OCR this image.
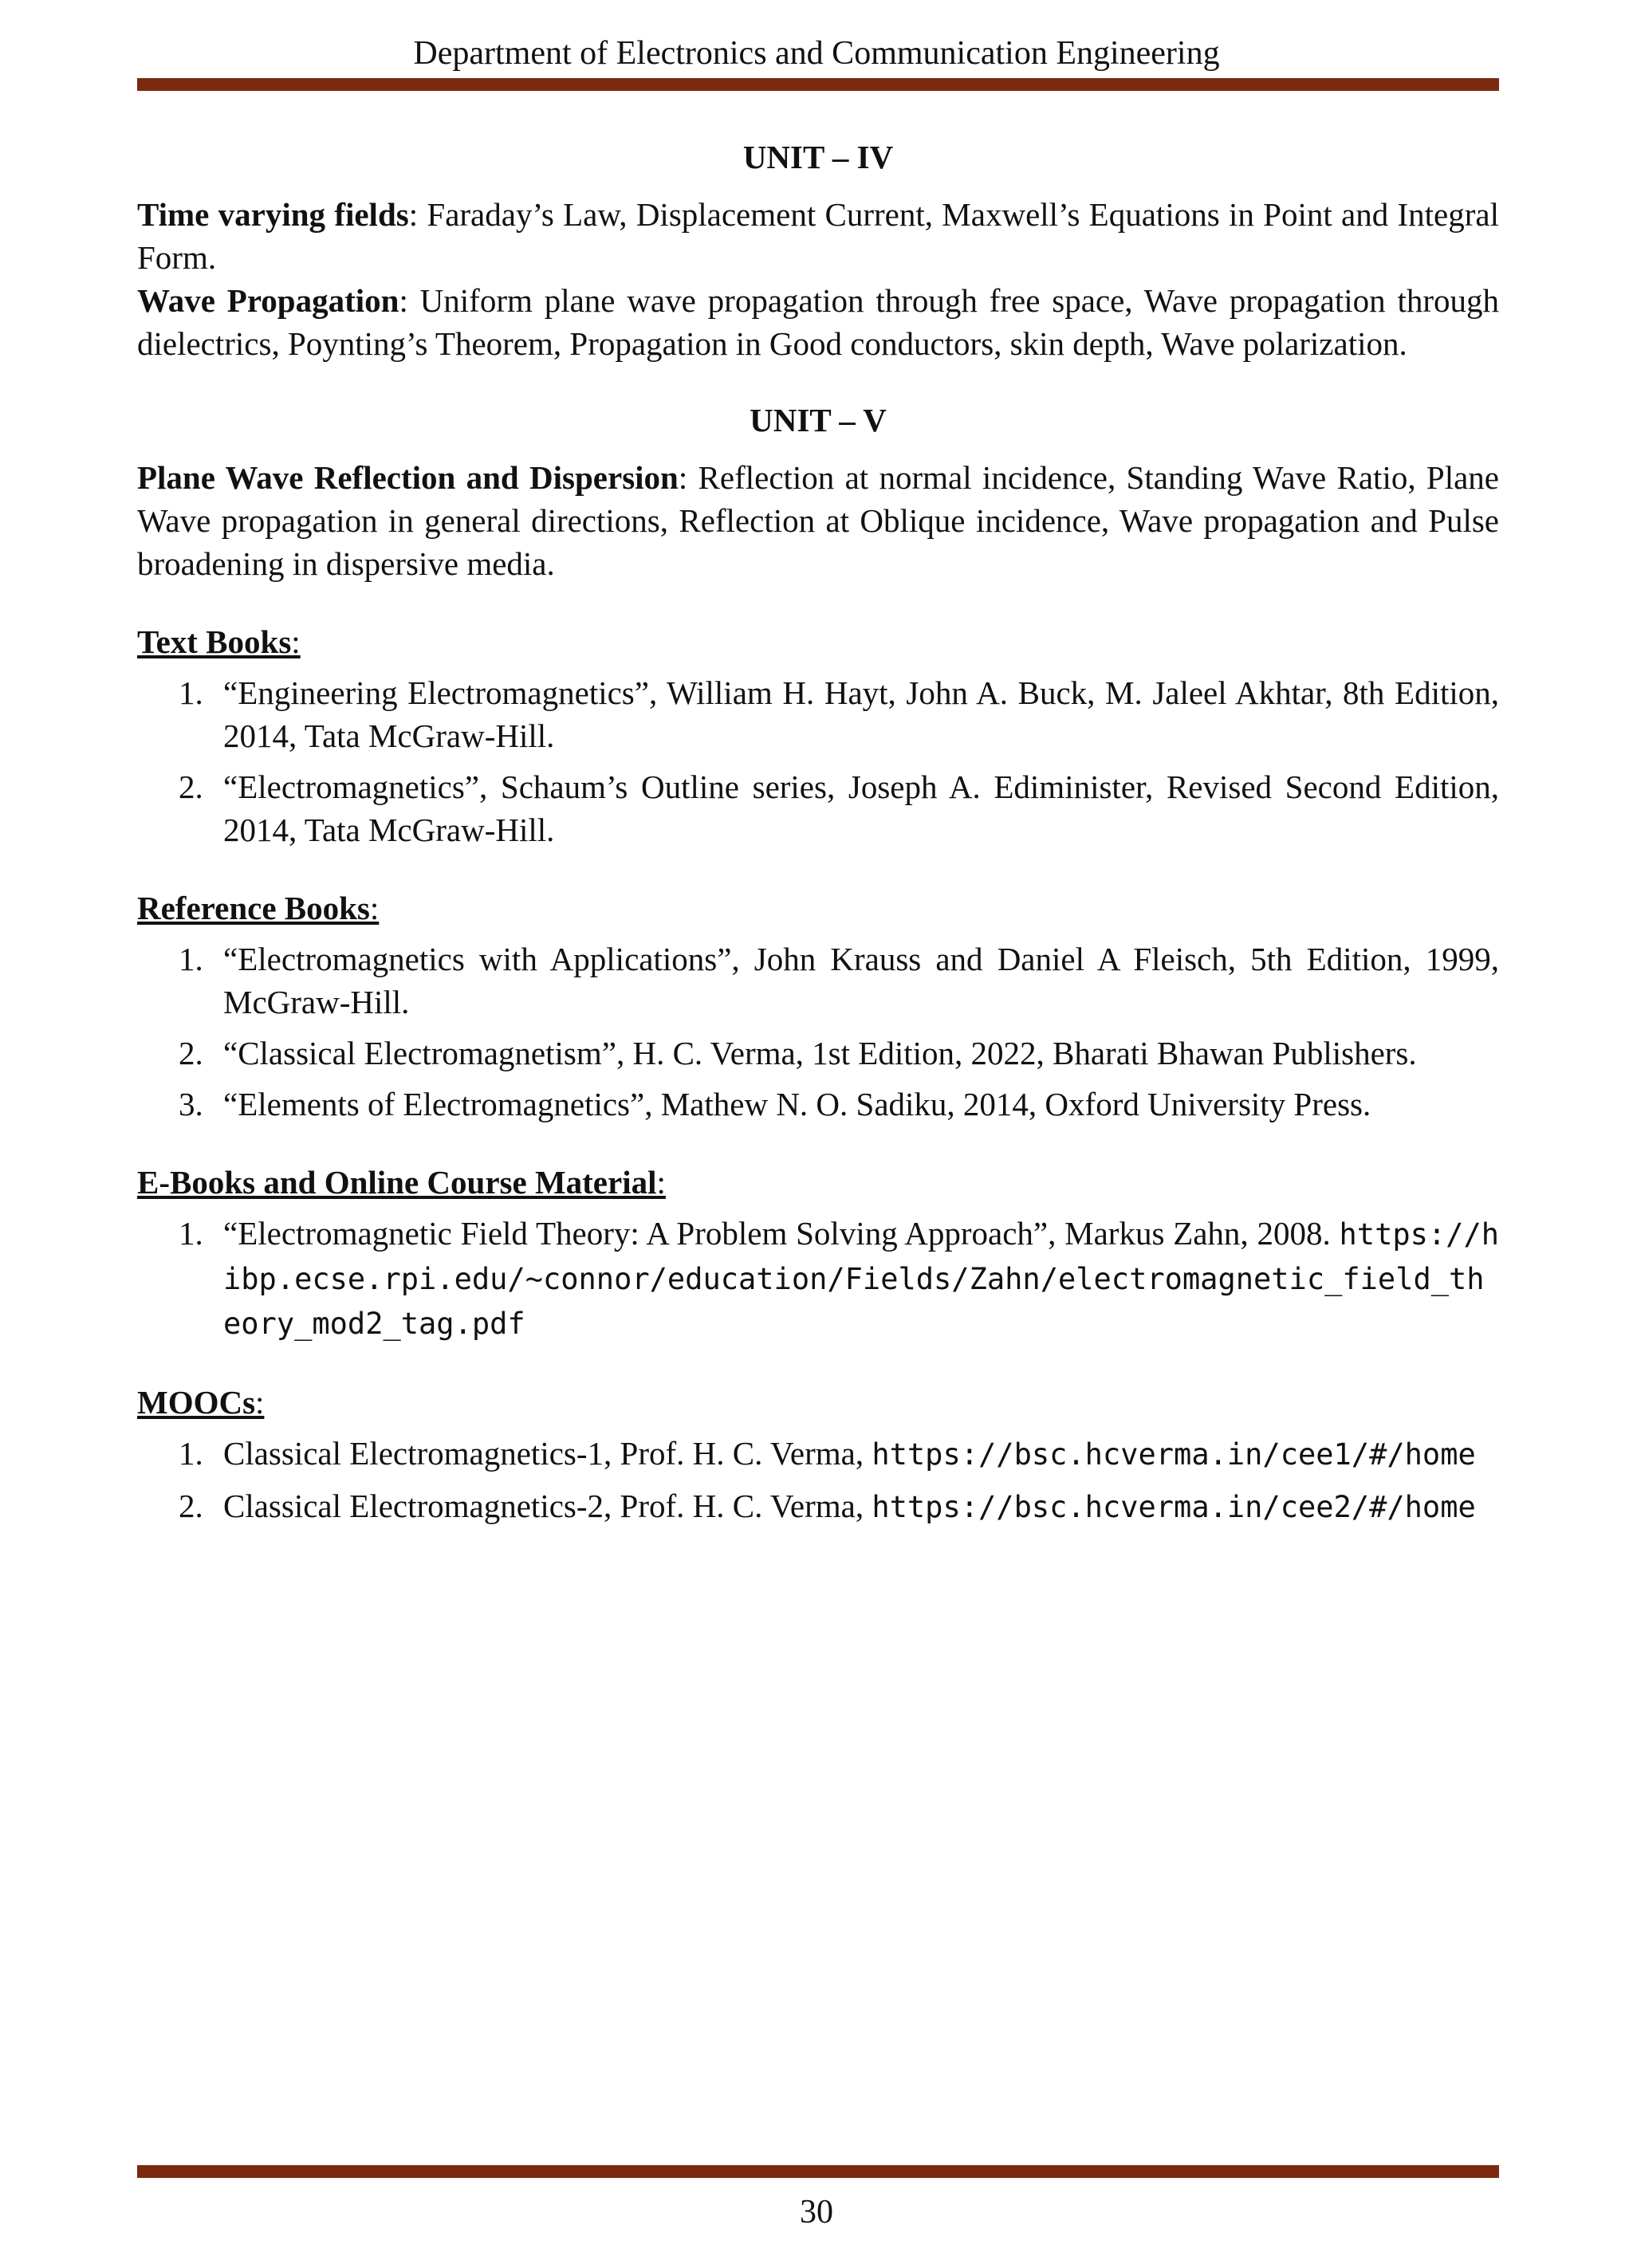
Department of Electronics and Communication Engineering
UNIT – IV

Time varying fields: Faraday’s Law, Displacement Current, Maxwell’s Equations in Point and Integral Form.

Wave Propagation: Uniform plane wave propagation through free space, Wave propagation through dielectrics, Poynting’s Theorem, Propagation in Good conductors, skin depth, Wave polarization.

UNIT – V

Plane Wave Reflection and Dispersion: Reflection at normal incidence, Standing Wave Ratio, Plane Wave propagation in general directions, Reflection at Oblique incidence, Wave propagation and Pulse broadening in dispersive media.

Text Books:
1. “Engineering Electromagnetics”, William H. Hayt, John A. Buck, M. Jaleel Akhtar, 8th Edition, 2014, Tata McGraw-Hill.
2. “Electromagnetics”, Schaum’s Outline series, Joseph A. Ediminister, Revised Second Edition, 2014, Tata McGraw-Hill.
Reference Books:
1. “Electromagnetics with Applications”, John Krauss and Daniel A Fleisch, 5th Edition, 1999, McGraw-Hill.
2. “Classical Electromagnetism”, H. C. Verma, 1st Edition, 2022, Bharati Bhawan Publishers.
3. “Elements of Electromagnetics”, Mathew N. O. Sadiku, 2014, Oxford University Press.
E-Books and Online Course Material:
1. “Electromagnetic Field Theory: A Problem Solving Approach”, Markus Zahn, 2008. https://hibp.ecse.rpi.edu/~connor/education/Fields/Zahn/electromagnetic_field_theory_mod2_tag.pdf
MOOCs:
1. Classical Electromagnetics-1, Prof. H. C. Verma, https://bsc.hcverma.in/cee1/#/home
2. Classical Electromagnetics-2, Prof. H. C. Verma, https://bsc.hcverma.in/cee2/#/home
30
